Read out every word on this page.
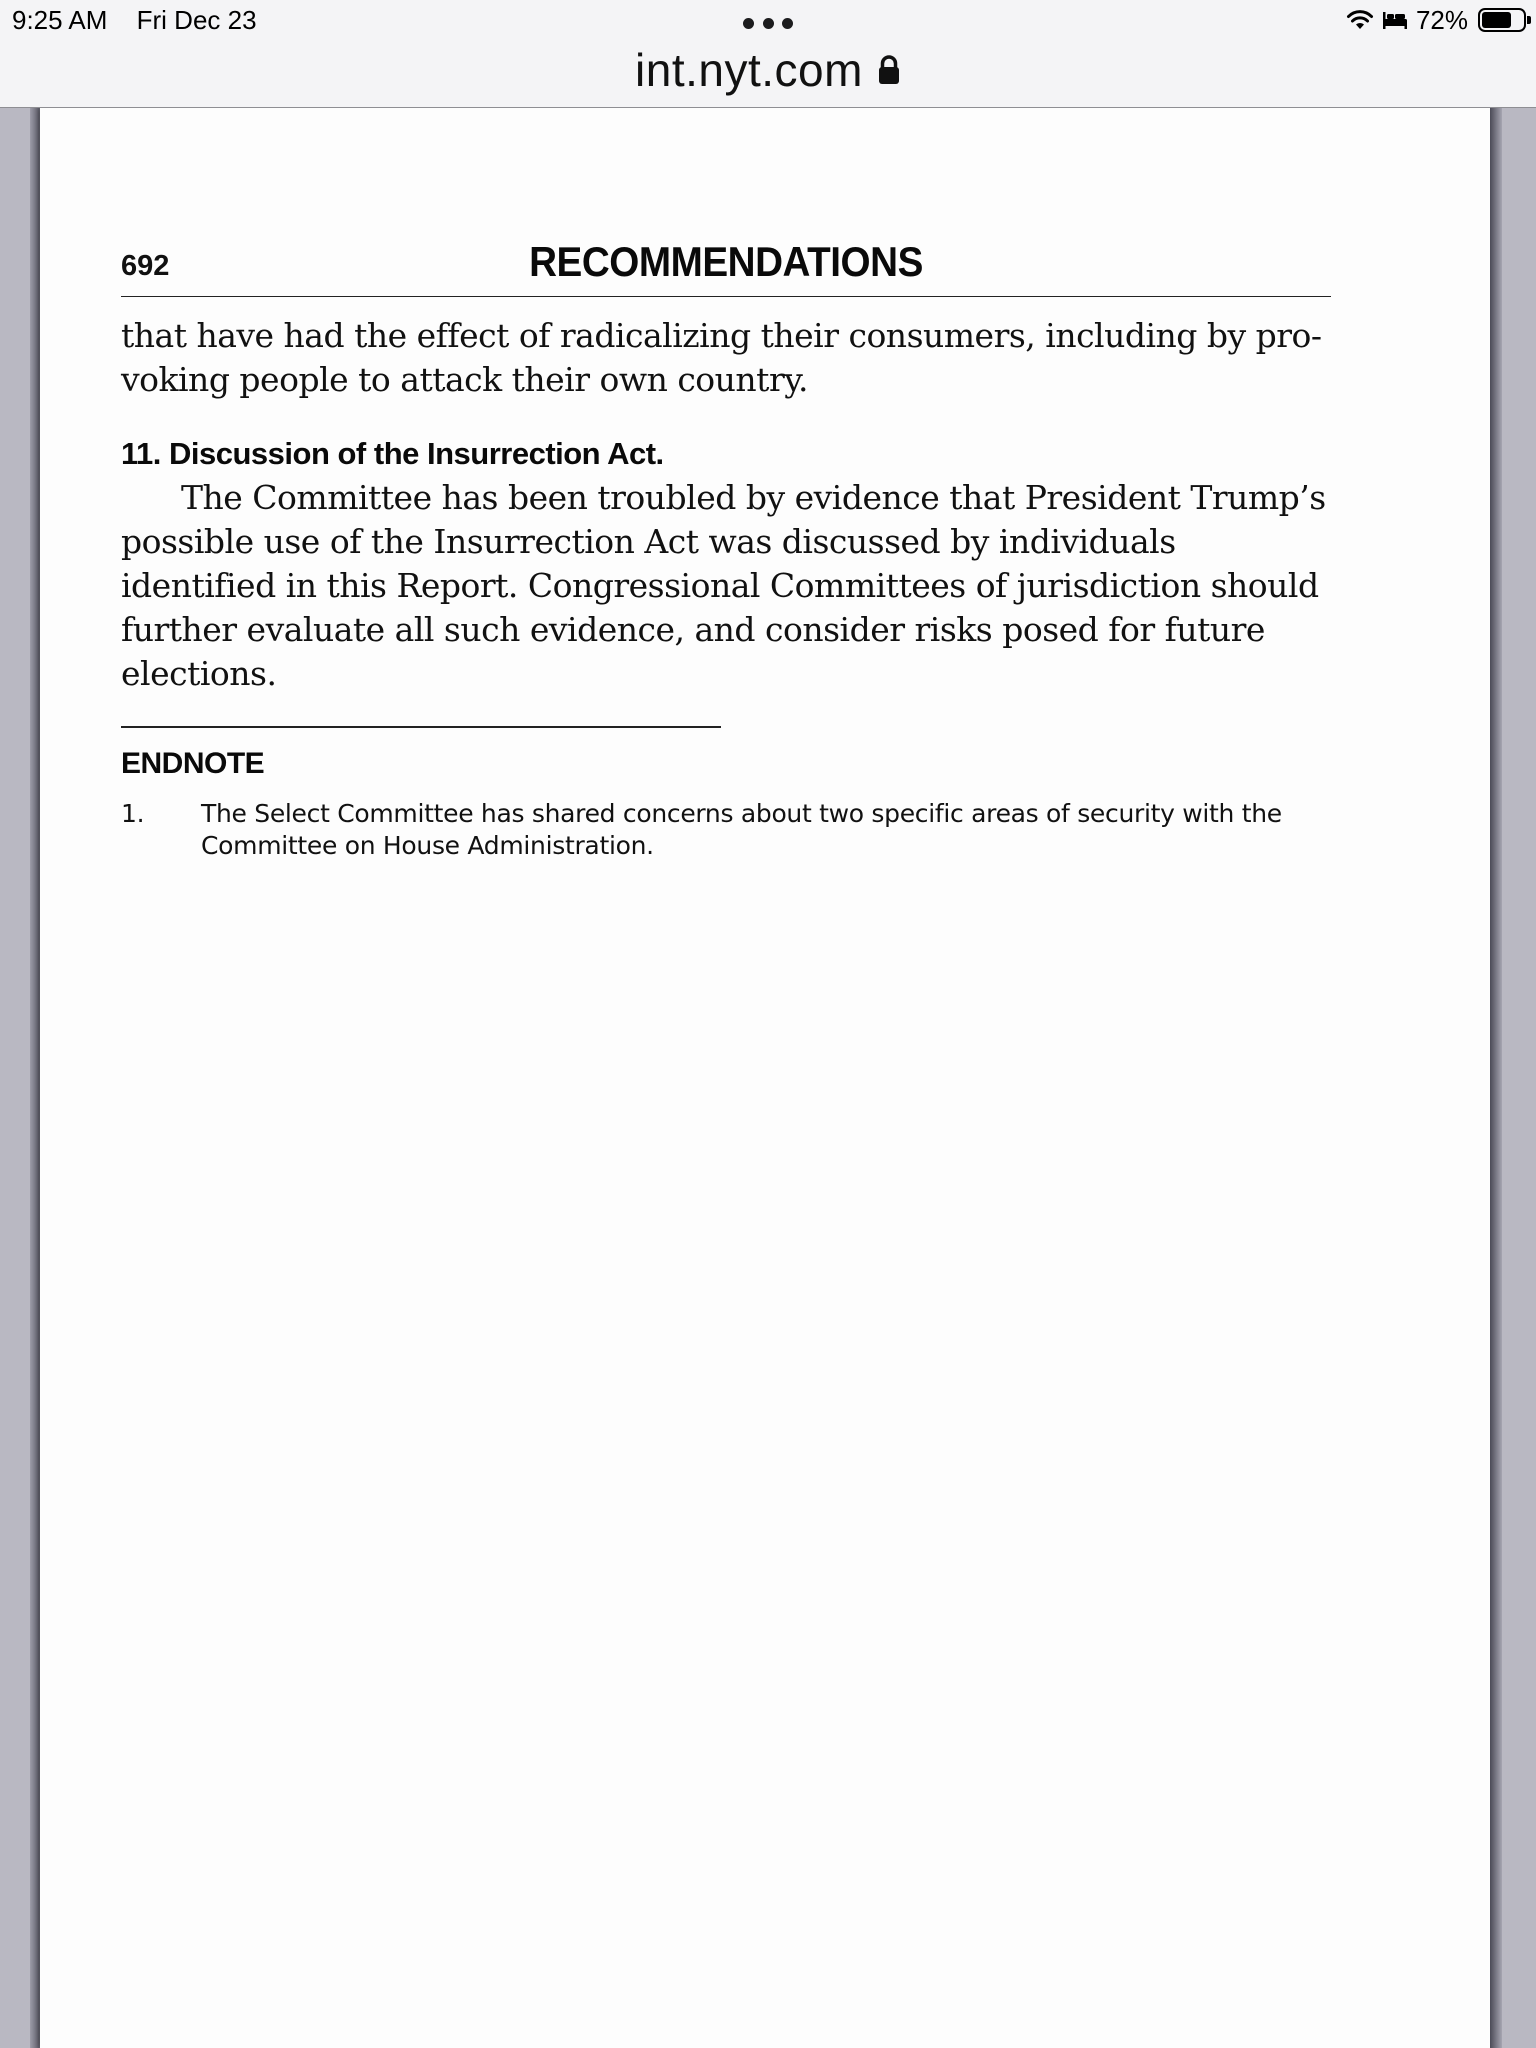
9:25 AM Fri Dec 23	72%
int.nyt.com
692	RECOMMENDATIONS

that have had the effect of radicalizing their consumers, including by pro-voking people to attack their own country.

11. Discussion of the Insurrection Act.

The Committee has been troubled by evidence that President Trump’s possible use of the Insurrection Act was discussed by individuals identified in this Report. Congressional Committees of jurisdiction should further evaluate all such evidence, and consider risks posed for future elections.

ENDNOTE
1. The Select Committee has shared concerns about two specific areas of security with the Committee on House Administration.
